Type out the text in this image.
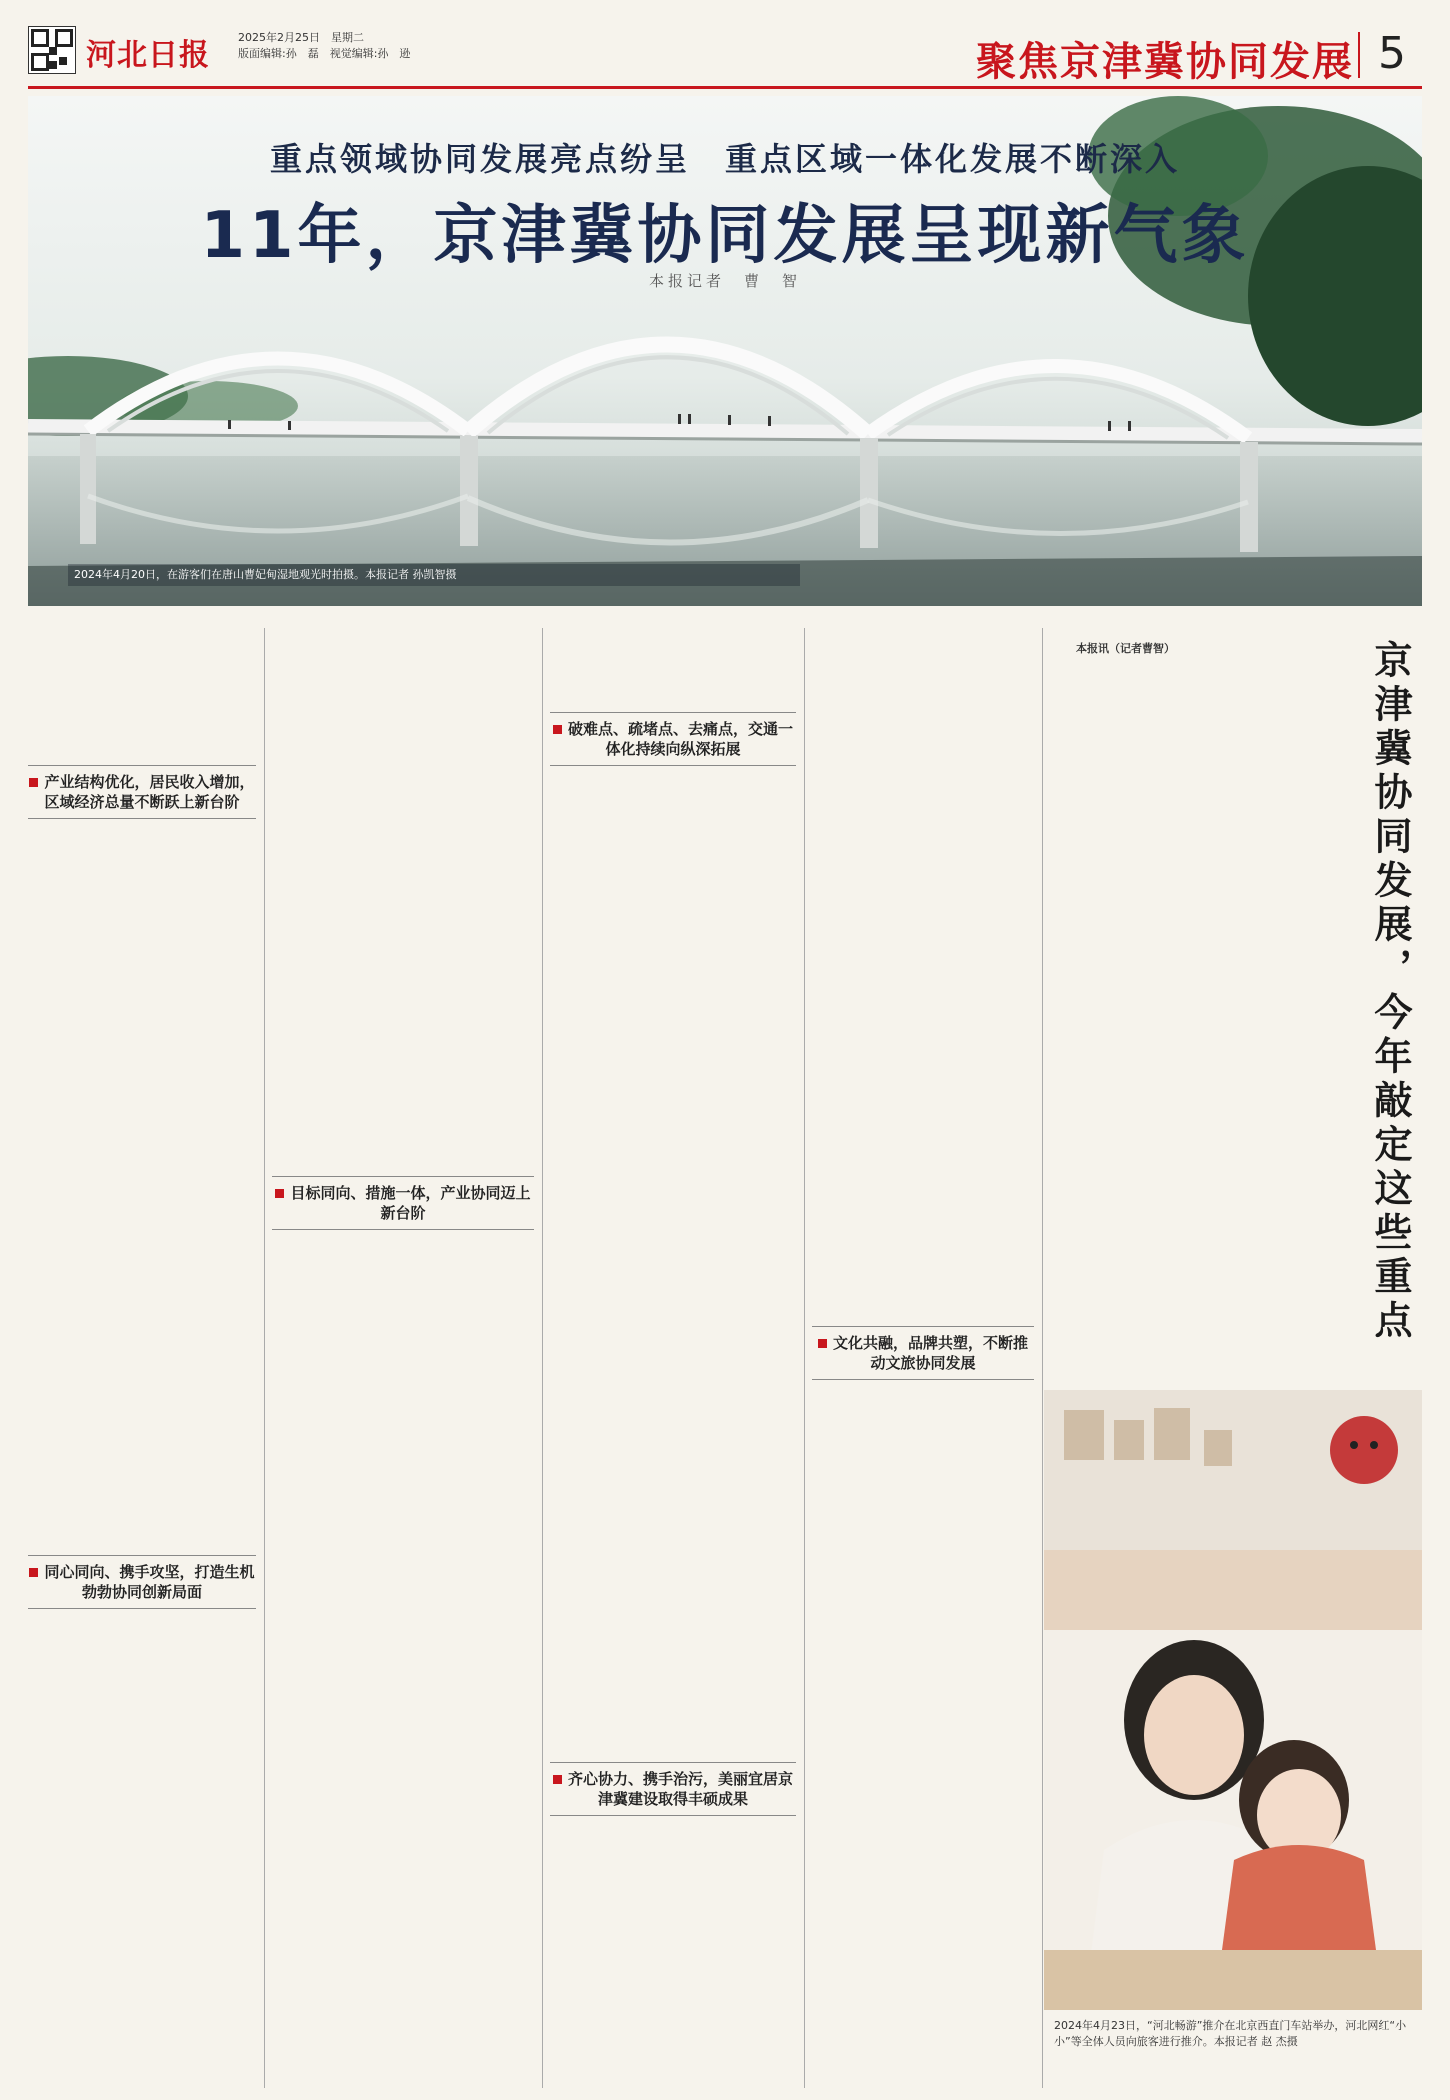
河北日报
2025年2月25日　星期二
版面编辑:孙　磊　视觉编辑:孙　逊	聚焦京津冀协同发展 5
重点领域协同发展亮点纷呈　重点区域一体化发展不断深入
11年，京津冀协同发展呈现新气象
本报记者　曹　智
2024年4月20日，在游客们在唐山曹妃甸湿地观光时拍摄。本报记者 孙凯智摄

产业结构优化，居民收入增加，区域经济总量不断跃上新台阶
同心同向、携手攻坚，打造生机勃勃协同创新局面
目标同向、措施一体，产业协同迈上新台阶
破难点、疏堵点、去痛点，交通一体化持续向纵深拓展
齐心协力、携手治污，美丽宜居京津冀建设取得丰硕成果
文化共融，品牌共塑，不断推动文旅协同发展

本报讯（记者曹智）	京津冀协同发展，今年敲定这些重点
2024年4月23日，“河北畅游”推介在北京西直门车站举办，河北网红“小小”等全体人员向旅客进行推介。本报记者 赵 杰摄
